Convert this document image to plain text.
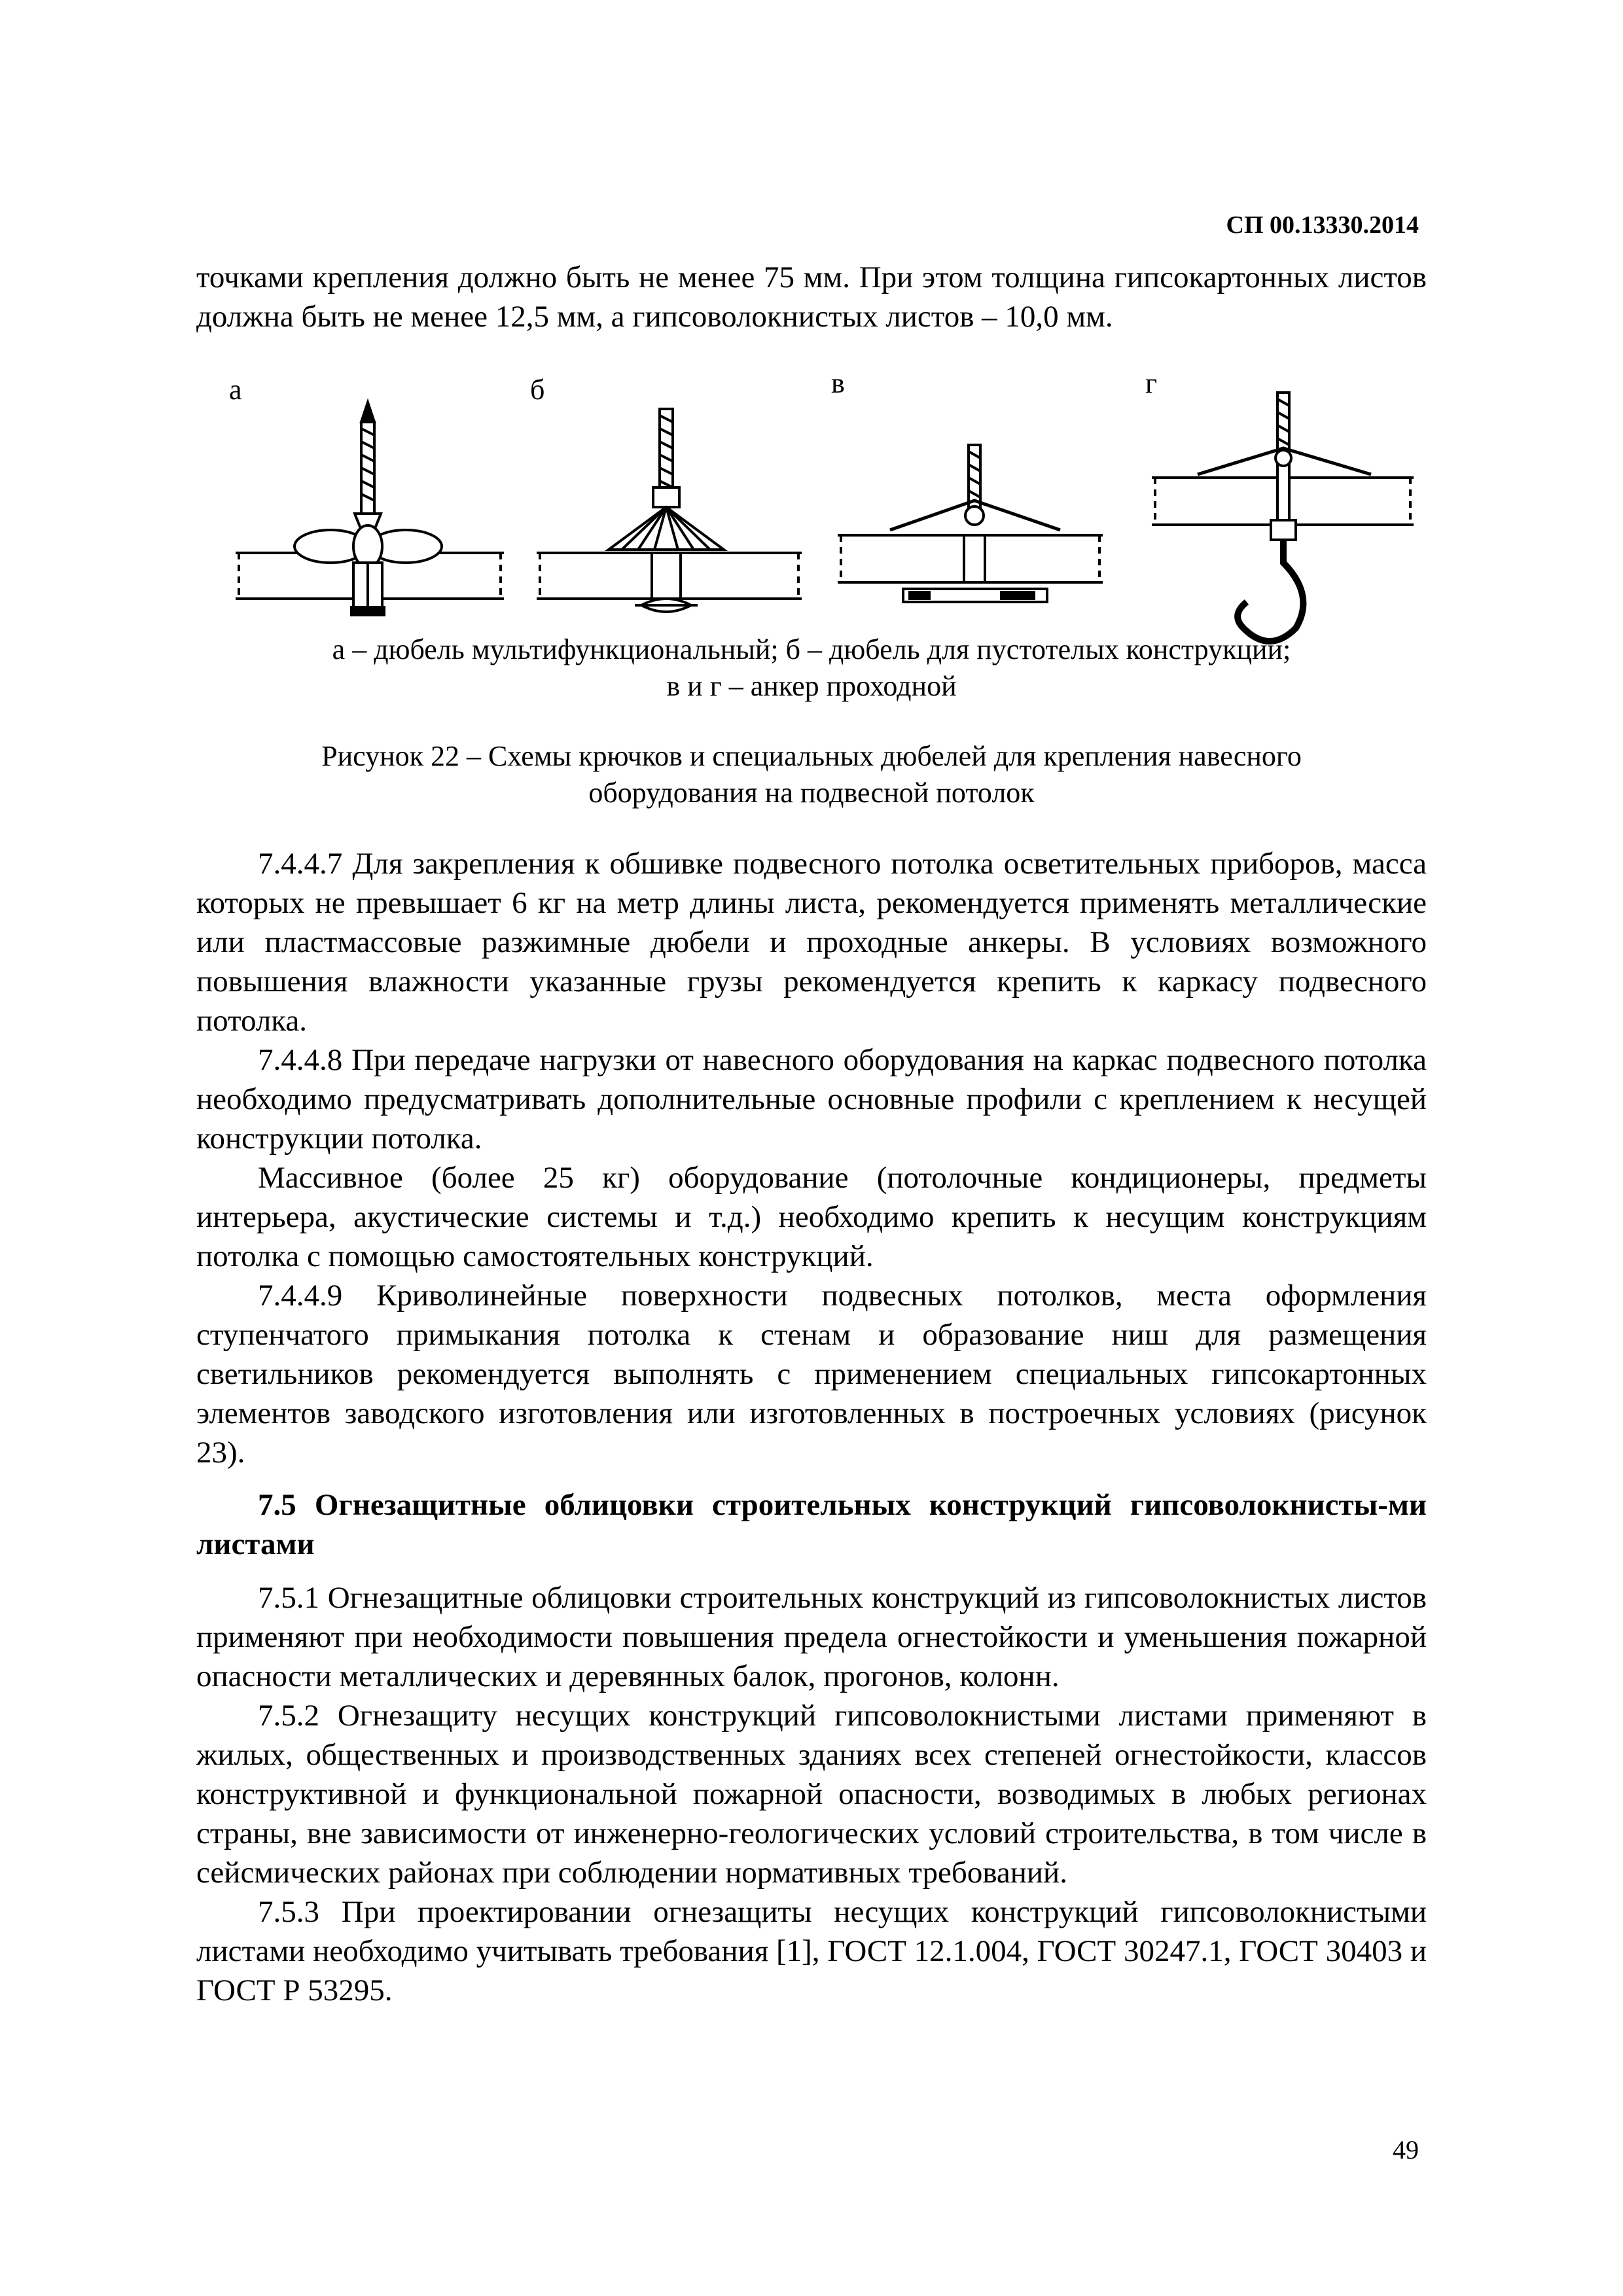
СП 00.13330.2014

точками крепления должно быть не менее 75 мм. При этом толщина гипсокартонных листов должна быть не менее 12,5 мм, а гипсоволокнистых листов – 10,0 мм.

а	б	в	г
а – дюбель мультифункциональный; б – дюбель для пустотелых конструкций;
в и г – анкер проходной
Рисунок 22 – Схемы крючков и специальных дюбелей для крепления навесного
оборудования на подвесной потолок

7.4.4.7 Для закрепления к обшивке подвесного потолка осветительных приборов, масса которых не превышает 6 кг на метр длины листа, рекомендуется применять металлические или пластмассовые разжимные дюбели и проходные анкеры. В условиях возможного повышения влажности указанные грузы рекомендуется крепить к каркасу подвесного потолка.

7.4.4.8 При передаче нагрузки от навесного оборудования на каркас подвесного потолка необходимо предусматривать дополнительные основные профили с креплением к несущей конструкции потолка.

Массивное (более 25 кг) оборудование (потолочные кондиционеры, предметы интерьера, акустические системы и т.д.) необходимо крепить к несущим конструкциям потолка с помощью самостоятельных конструкций.

7.4.4.9 Криволинейные поверхности подвесных потолков, места оформления ступенчатого примыкания потолка к стенам и образование ниш для размещения светильников рекомендуется выполнять с применением специальных гипсокартонных элементов заводского изготовления или изготовленных в построечных условиях (рисунок 23).

7.5 Огнезащитные облицовки строительных конструкций гипсоволокнисты-ми листами

7.5.1 Огнезащитные облицовки строительных конструкций из гипсоволокнистых листов применяют при необходимости повышения предела огнестойкости и уменьшения пожарной опасности металлических и деревянных балок, прогонов, колонн.

7.5.2 Огнезащиту несущих конструкций гипсоволокнистыми листами применяют в жилых, общественных и производственных зданиях всех степеней огнестойкости, классов конструктивной и функциональной пожарной опасности, возводимых в любых регионах страны, вне зависимости от инженерно-геологических условий строительства, в том числе в сейсмических районах при соблюдении нормативных требований.

7.5.3 При проектировании огнезащиты несущих конструкций гипсоволокнистыми листами необходимо учитывать требования [1], ГОСТ 12.1.004, ГОСТ 30247.1, ГОСТ 30403 и ГОСТ Р 53295.

49
